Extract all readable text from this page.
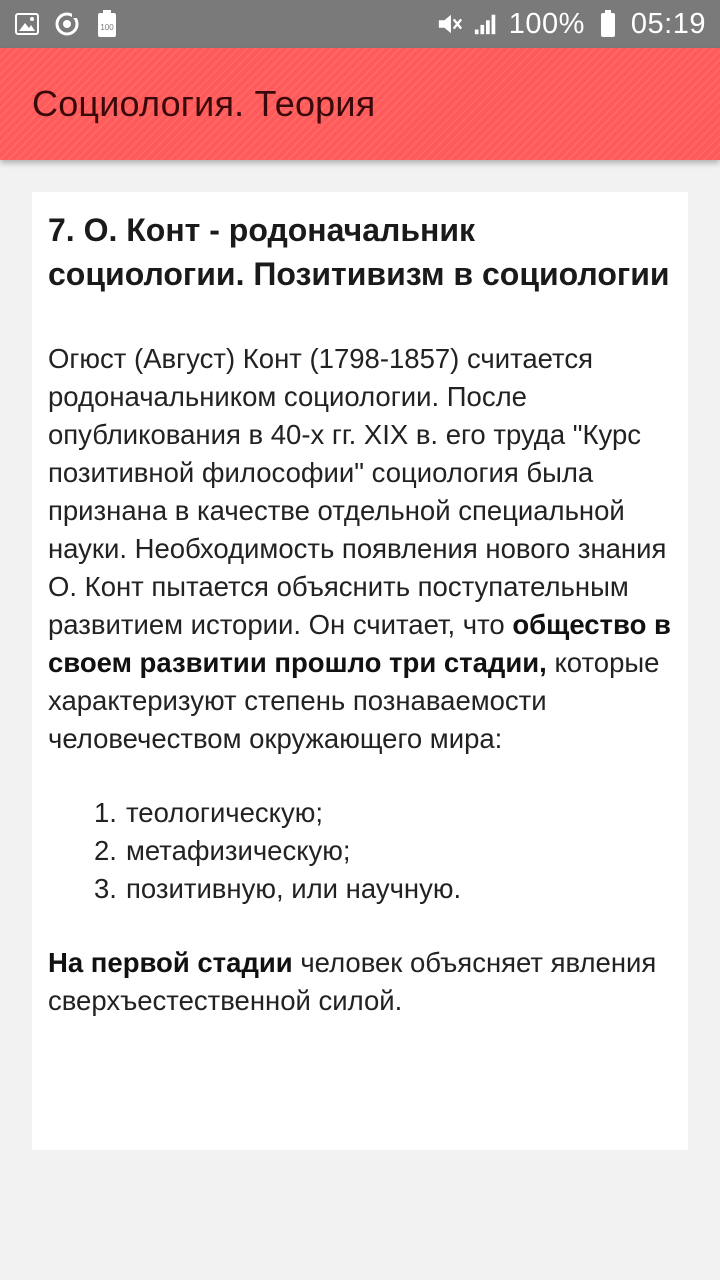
100	100% 05:19
Социология. Теория
7. О. Конт - родоначальник социологии. Позитивизм в социологии

Огюст (Август) Конт (1798-1857) считается родоначальником социологии. После опубликования в 40-х гг. XIX в. его труда "Курс позитивной философии" социология была признана в качестве отдельной специальной науки. Необходимость появления нового знания О. Конт пытается объяснить поступательным развитием истории. Он считает, что общество в своем развитии прошло три стадии, которые характеризуют степень познаваемости человечеством окружающего мира:

1. теологическую;
2. метафизическую;
3. позитивную, или научную.

На первой стадии человек объясняет явления сверхъестественной силой.
